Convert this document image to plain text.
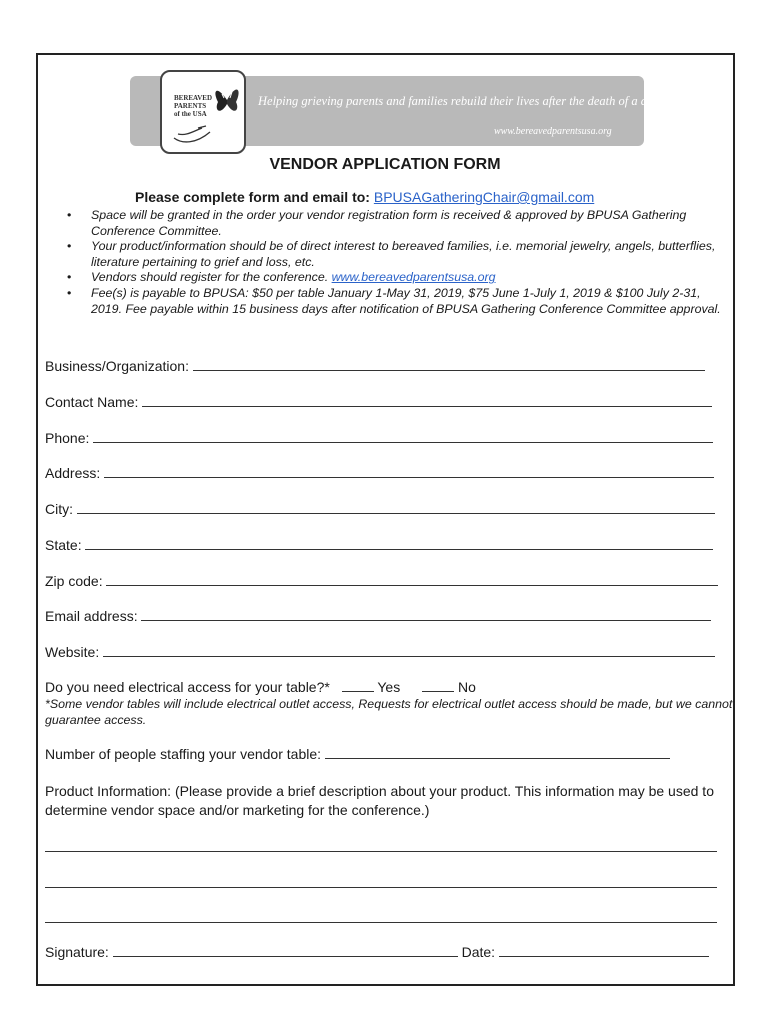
Helping grieving parents and families rebuild their lives after the death of a child
www.bereavedparentsusa.org
BEREAVED
PARENTS
of the USA
VENDOR APPLICATION FORM
Please complete form and email to: BPUSAGatheringChair@gmail.com
• Space will be granted in the order your vendor registration form is received & approved by BPUSA Gathering Conference Committee.
• Your product/information should be of direct interest to bereaved families, i.e. memorial jewelry, angels, butterflies, literature pertaining to grief and loss, etc.
• Vendors should register for the conference. www.bereavedparentsusa.org
• Fee(s) is payable to BPUSA: $50 per table January 1-May 31, 2019, $75 June 1-July 1, 2019 & $100 July 2-31, 2019. Fee payable within 15 business days after notification of BPUSA Gathering Conference Committee approval.
Business/Organization:
Contact Name:
Phone:
Address:
City:
State:
Zip code:
Email address:
Website:
Do you need electrical access for your table?*	Yes	No
*Some vendor tables will include electrical outlet access, Requests for electrical outlet access should be made, but we cannot guarantee access.
Number of people staffing your vendor table:
Product Information: (Please provide a brief description about your product. This information may be used to determine vendor space and/or marketing for the conference.)
Signature:	Date:
